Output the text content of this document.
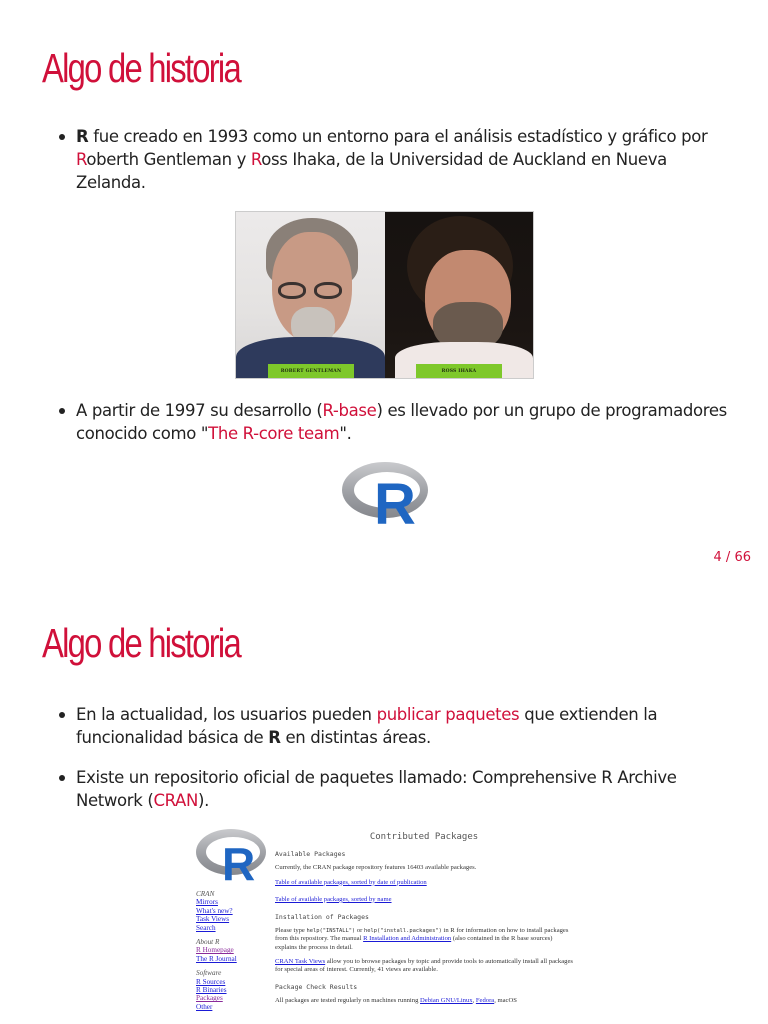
Algo de historia
R fue creado en 1993 como un entorno para el análisis estadístico y gráfico por Roberth Gentleman y Ross Ihaka, de la Universidad de Auckland en Nueva Zelanda.
ROBERT GENTLEMAN	ROSS IHAKA
A partir de 1997 su desarrollo (R-base) es llevado por un grupo de programadores conocido como "The R-core team".
R
4 / 66
Algo de historia
En la actualidad, los usuarios pueden publicar paquetes que extienden la funcionalidad básica de R en distintas áreas.
Existe un repositorio oficial de paquetes llamado: Comprehensive R Archive Network (CRAN).
R
CRAN
Mirrors
What's new?
Task Views
Search
About R
R Homepage
The R Journal
Software
R Sources
R Binaries
Packages
Other
Contributed Packages
Available Packages

Currently, the CRAN package repository features 16403 available packages.

Table of available packages, sorted by date of publication

Table of available packages, sorted by name

Installation of Packages

Please type help("INSTALL") or help("install.packages") in R for information on how to install packages from this repository. The manual R Installation and Administration (also contained in the R base sources) explains the process in detail.

CRAN Task Views allow you to browse packages by topic and provide tools to automatically install all packages for special areas of interest. Currently, 41 views are available.

Package Check Results

All packages are tested regularly on machines running Debian GNU/Linux, Fedora, macOS
